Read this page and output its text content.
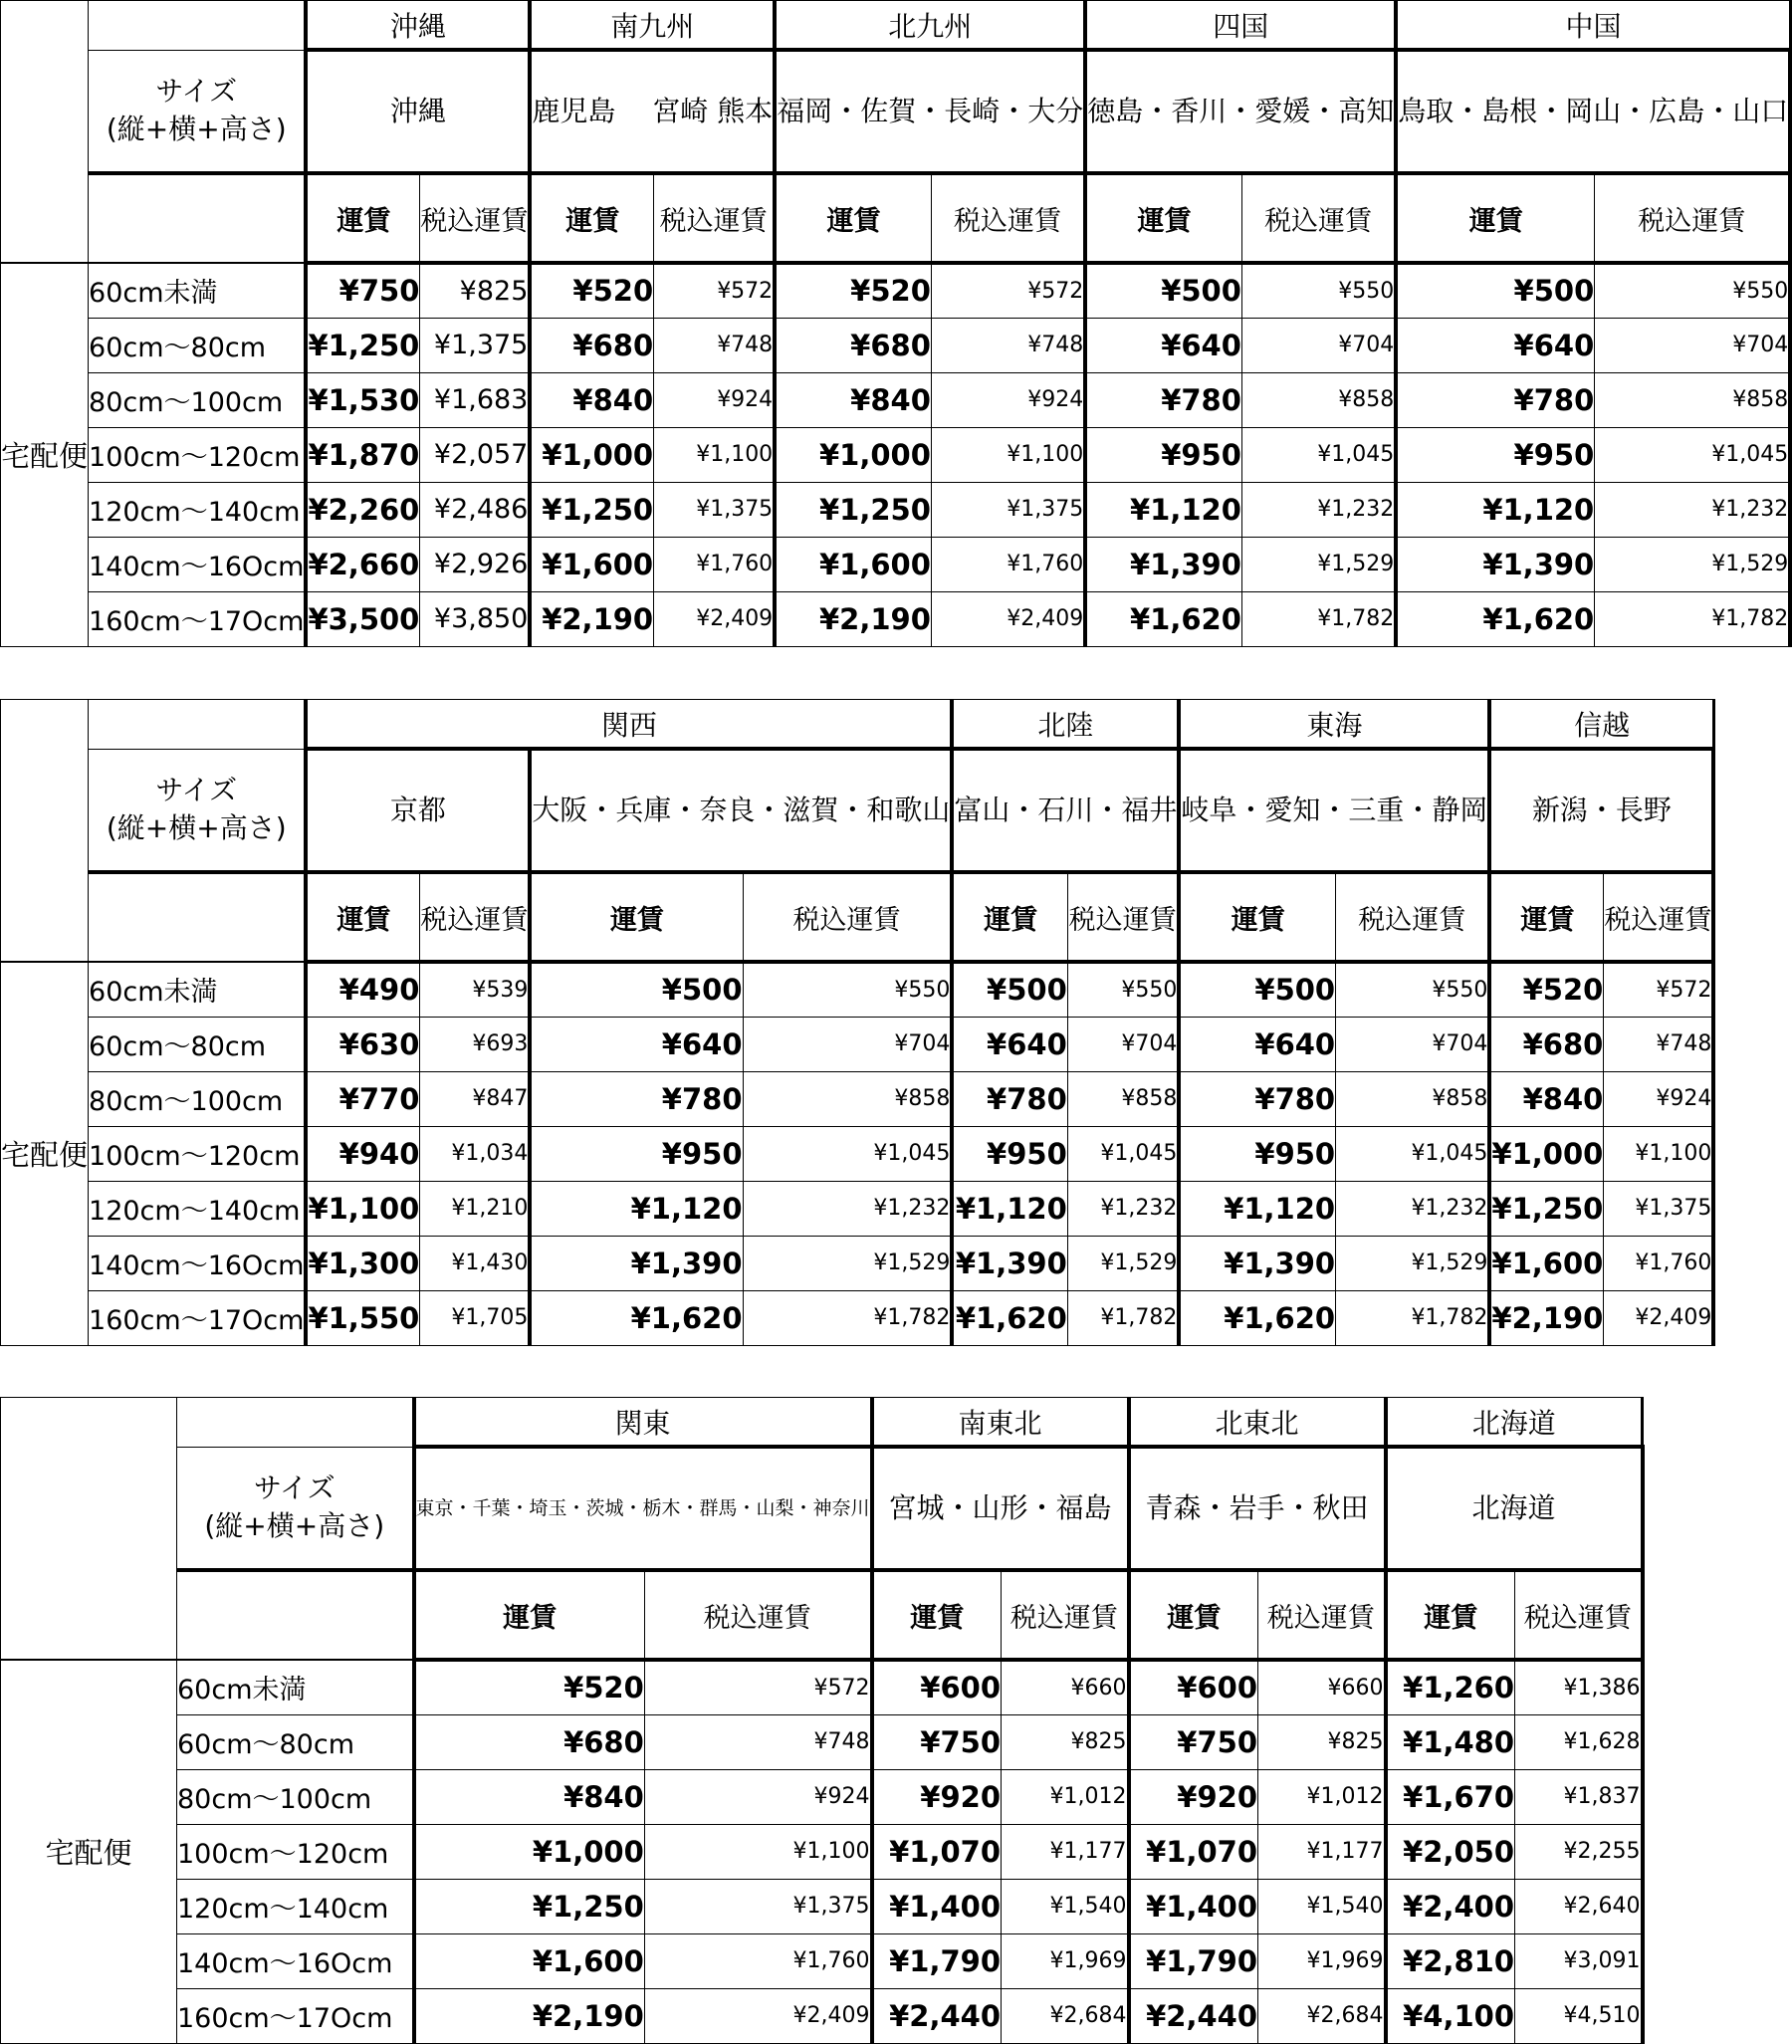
		沖縄		南九州		北九州		四国		中国	

	サイズ
(縦+横+高さ)	沖縄		鹿児島　 宮崎 熊本		福岡・佐賀・長崎・大分		徳島・香川・愛媛・高知		鳥取・島根・岡山・広島・山口	
		運賃	税込運賃	運賃	税込運賃	運賃	税込運賃	運賃	税込運賃	運賃	税込運賃
宅配便	60cm未満	¥750	¥825	¥520	¥572	¥520	¥572	¥500	¥550	¥500	¥550
	60cm～80cm	¥1,250	¥1,375	¥680	¥748	¥680	¥748	¥640	¥704	¥640	¥704
	80cm～100cm	¥1,530	¥1,683	¥840	¥924	¥840	¥924	¥780	¥858	¥780	¥858
	100cm～120cm	¥1,870	¥2,057	¥1,000	¥1,100	¥1,000	¥1,100	¥950	¥1,045	¥950	¥1,045
	120cm～140cm	¥2,260	¥2,486	¥1,250	¥1,375	¥1,250	¥1,375	¥1,120	¥1,232	¥1,120	¥1,232
	140cm～16Ocm	¥2,660	¥2,926	¥1,600	¥1,760	¥1,600	¥1,760	¥1,390	¥1,529	¥1,390	¥1,529
	160cm～17Ocm	¥3,500	¥3,850	¥2,190	¥2,409	¥2,190	¥2,409	¥1,620	¥1,782	¥1,620	¥1,782
		関西				北陸		東海		信越	

	サイズ
(縦+横+高さ)	京都		大阪・兵庫・奈良・滋賀・和歌山		富山・石川・福井		岐阜・愛知・三重・静岡		新潟・長野	
		運賃	税込運賃	運賃	税込運賃	運賃	税込運賃	運賃	税込運賃	運賃	税込運賃
宅配便	60cm未満	¥490	¥539	¥500	¥550	¥500	¥550	¥500	¥550	¥520	¥572
	60cm～80cm	¥630	¥693	¥640	¥704	¥640	¥704	¥640	¥704	¥680	¥748
	80cm～100cm	¥770	¥847	¥780	¥858	¥780	¥858	¥780	¥858	¥840	¥924
	100cm～120cm	¥940	¥1,034	¥950	¥1,045	¥950	¥1,045	¥950	¥1,045	¥1,000	¥1,100
	120cm～140cm	¥1,100	¥1,210	¥1,120	¥1,232	¥1,120	¥1,232	¥1,120	¥1,232	¥1,250	¥1,375
	140cm～16Ocm	¥1,300	¥1,430	¥1,390	¥1,529	¥1,390	¥1,529	¥1,390	¥1,529	¥1,600	¥1,760
	160cm～17Ocm	¥1,550	¥1,705	¥1,620	¥1,782	¥1,620	¥1,782	¥1,620	¥1,782	¥2,190	¥2,409
		関東		南東北		北東北		北海道	

	サイズ
(縦+横+高さ)	東京・千葉・埼玉・茨城・栃木・群馬・山梨・神奈川		宮城・山形・福島		青森・岩手・秋田		北海道	
		運賃	税込運賃	運賃	税込運賃	運賃	税込運賃	運賃	税込運賃
宅配便	60cm未満	¥520	¥572	¥600	¥660	¥600	¥660	¥1,260	¥1,386
	60cm～80cm	¥680	¥748	¥750	¥825	¥750	¥825	¥1,480	¥1,628
	80cm～100cm	¥840	¥924	¥920	¥1,012	¥920	¥1,012	¥1,670	¥1,837
	100cm～120cm	¥1,000	¥1,100	¥1,070	¥1,177	¥1,070	¥1,177	¥2,050	¥2,255
	120cm～140cm	¥1,250	¥1,375	¥1,400	¥1,540	¥1,400	¥1,540	¥2,400	¥2,640
	140cm～16Ocm	¥1,600	¥1,760	¥1,790	¥1,969	¥1,790	¥1,969	¥2,810	¥3,091
	160cm～17Ocm	¥2,190	¥2,409	¥2,440	¥2,684	¥2,440	¥2,684	¥4,100	¥4,510
